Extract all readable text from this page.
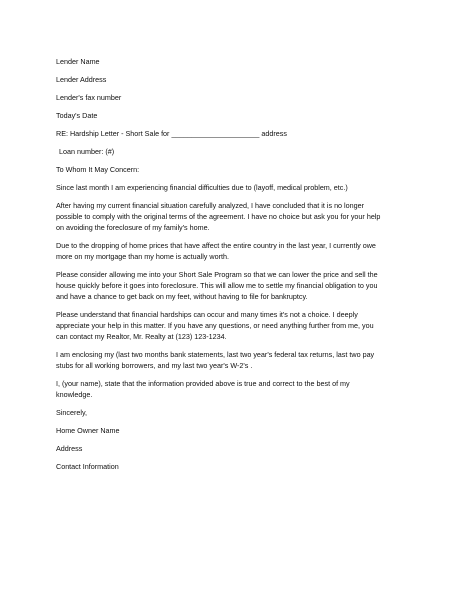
Lender Name
Lender Address
Lender's fax number
Today's Date
RE: Hardship Letter - Short Sale for ______________________ address
Loan number: (#)
To Whom It May Concern:
Since last month I am experiencing financial difficulties due to (layoff, medical problem, etc.)
After having my current financial situation carefully analyzed, I have concluded that it is no longer
possible to comply with the original terms of the agreement. I have no choice but ask you for your help
on avoiding the foreclosure of my family's home.
Due to the dropping of home prices that have affect the entire country in the last year, I currently owe
more on my mortgage than my home is actually worth.
Please consider allowing me into your Short Sale Program so that we can lower the price and sell the
house quickly before it goes into foreclosure. This will allow me to settle my financial obligation to you
and have a chance to get back on my feet, without having to file for bankruptcy.
Please understand that financial hardships can occur and many times it's not a choice. I deeply
appreciate your help in this matter. If you have any questions, or need anything further from me, you
can contact my Realtor, Mr. Realty at (123) 123-1234.
I am enclosing my (last two months bank statements, last two year's federal tax returns, last two pay
stubs for all working borrowers, and my last two year's W-2's .
I, (your name), state that the information provided above is true and correct to the best of my
knowledge.
Sincerely,
Home Owner Name
Address
Contact Information
